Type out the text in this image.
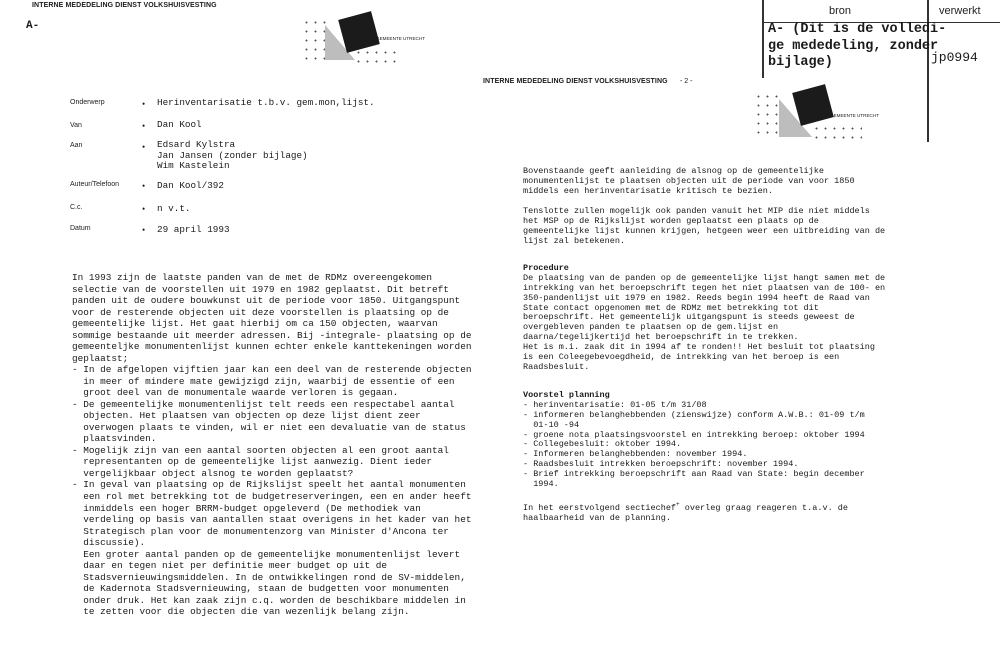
INTERNE MEDEDELING DIENST VOLKSHUISVESTING
A-
GEMEENTE UTRECHT
Onderwerp	• Herinventarisatie t.b.v. gem.mon,lijst.
Van	• Dan Kool
Aan	• Edsard Kylstra
Jan Jansen (zonder bijlage)
Wim Kastelein
Auteur/Telefoon	• Dan Kool/392
C.c.	• n v.t.
Datum	• 29 april 1993
In 1993 zijn de laatste panden van de met de RDMz overeengekomen
selectie van de voorstellen uit 1979 en 1982 geplaatst. Dit betreft
panden uit de oudere bouwkunst uit de periode voor 1850. Uitgangspunt
voor de resterende objecten uit deze voorstellen is plaatsing op de
gemeentelijke lijst. Het gaat hierbij om ca 150 objecten, waarvan
sommige bestaande uit meerder adressen. Bij -integrale- plaatsing op de
gemeenteljke monumentenlijst kunnen echter enkele kanttekeningen worden
geplaatst;
- In de afgelopen vijftien jaar kan een deel van de resterende objecten
in meer of mindere mate gewijzigd zijn, waarbij de essentie of een
groot deel van de monumentale waarde verloren is gegaan.
- De gemeentelijke monumentenlijst telt reeds een respectabel aantal
objecten. Het plaatsen van objecten op deze lijst dient zeer
overwogen plaats te vinden, wil er niet een devaluatie van de status
plaatsvinden.
- Mogelijk zijn van een aantal soorten objecten al een groot aantal
representanten op de gemeentelijke lijst aanwezig. Dient ieder
vergelijkbaar object alsnog te worden geplaatst?
- In geval van plaatsing op de Rijkslijst speelt het aantal monumenten
een rol met betrekking tot de budgetreserveringen, een en ander heeft
inmiddels een hoger BRRM-budget opgeleverd (De methodiek van
verdeling op basis van aantallen staat overigens in het kader van het
Strategisch plan voor de monumentenzorg van Minister d'Ancona ter
discussie).
Een groter aantal panden op de gemeentelijke monumentenlijst levert
daar en tegen niet per definitie meer budget op uit de
Stadsvernieuwingsmiddelen. In de ontwikkelingen rond de SV-middelen,
de Kadernota Stadsvernieuwing, staan de budgetten voor monumenten
onder druk. Het kan zaak zijn c.q. worden de beschikbare middelen in
te zetten voor die objecten die van wezenlijk belang zijn.
INTERNE MEDEDELING DIENST VOLKSHUISVESTING - 2 -
GEMEENTE UTRECHT
Bovenstaande geeft aanleiding de alsnog op de gemeentelijke
monumentenlijst te plaatsen objecten uit de periode van voor 1850
middels een herinventarisatie kritisch te bezien.
Tenslotte zullen mogelijk ook panden vanuit het MIP die niet middels
het MSP op de Rijkslijst worden geplaatst een plaats op de
gemeentelijke lijst kunnen krijgen, hetgeen weer een uitbreiding van de
lijst zal betekenen.
Procedure
De plaatsing van de panden op de gemeentelijke lijst hangt samen met de
intrekking van het beroepschrift tegen het niet plaatsen van de 100- en
350-pandenlijst uit 1979 en 1982. Reeds begin 1994 heeft de Raad van
State contact opgenomen met de RDMz met betrekking tot dit
beroepschrift. Het gemeentelijk uitgangspunt is steeds geweest de
overgebleven panden te plaatsen op de gem.lijst en
daarna/tegelijkertijd het beroepschrift in te trekken.
Het is m.i. zaak dit in 1994 af te ronden!! Het besluit tot plaatsing
is een Coleegebevoegdheid, de intrekking van het beroep is een
Raadsbesluit.
Voorstel planning
- herinventarisatie: 01-05 t/m 31/08
- informeren belanghebbenden (zienswijze) conform A.W.B.: 01-09 t/m
01-10 -94
- groene nota plaatsingsvoorstel en intrekking beroep: oktober 1994
- Collegebesluit: oktober 1994.
- Informeren belanghebbenden: november 1994.
- Raadsbesluit intrekken beroepschrift: november 1994.
- Brief intrekking beroepschrift aan Raad van State: begin december
1994.
In het eerstvolgend sectiechef+ overleg graag reageren t.a.v. de
haalbaarheid van de planning.
bron	verwerkt
A- (Dit is de volledi-
ge mededeling, zonder
bijlage)	jp0994
